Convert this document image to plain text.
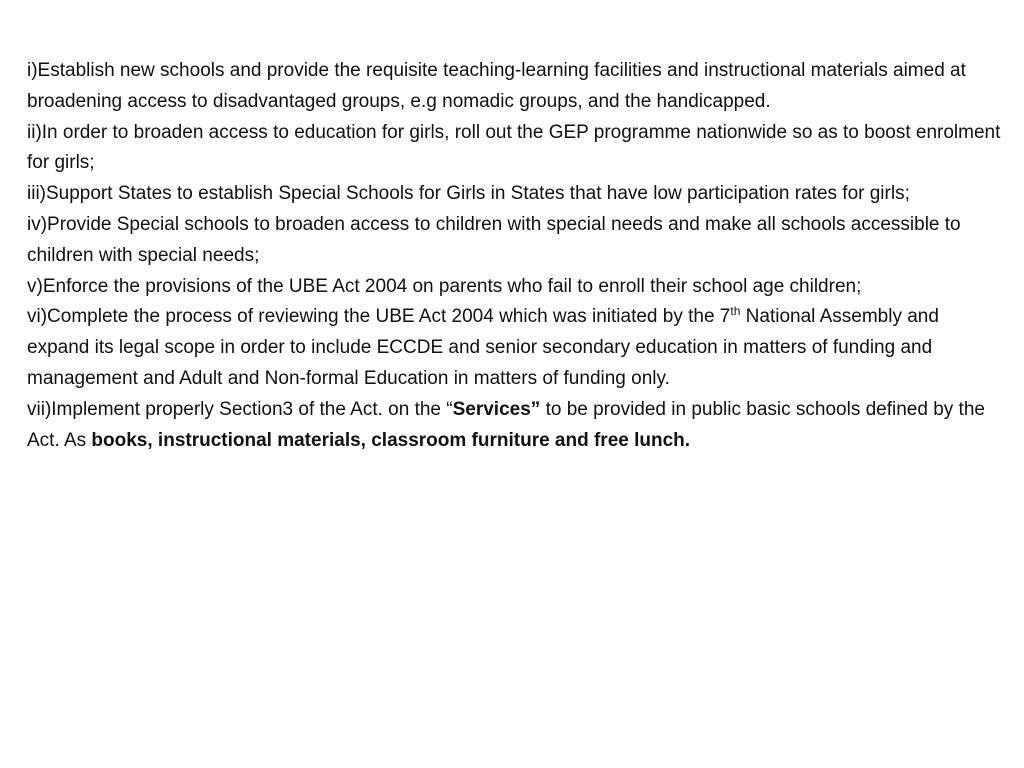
i)Establish new schools and provide the requisite teaching-learning facilities and instructional materials aimed at broadening access to disadvantaged groups, e.g nomadic groups, and the handicapped.

ii)In order to broaden access to education for girls, roll out the GEP programme nationwide so as to boost enrolment for girls;

iii)Support States to establish Special Schools for Girls in States that have low participation rates for girls;

iv)Provide Special schools to broaden access to children with special needs and make all schools accessible to children with special needs;

v)Enforce the provisions of the UBE Act 2004 on parents who fail to enroll their school age children;

vi)Complete the process of reviewing the UBE Act 2004 which was initiated by the 7th National Assembly and expand its legal scope in order to include ECCDE and senior secondary education in matters of funding and management and Adult and Non-formal Education in matters of funding only.

vii)Implement properly Section3 of the Act. on the “Services” to be provided in public basic schools defined by the Act. As books, instructional materials, classroom furniture and free lunch.
